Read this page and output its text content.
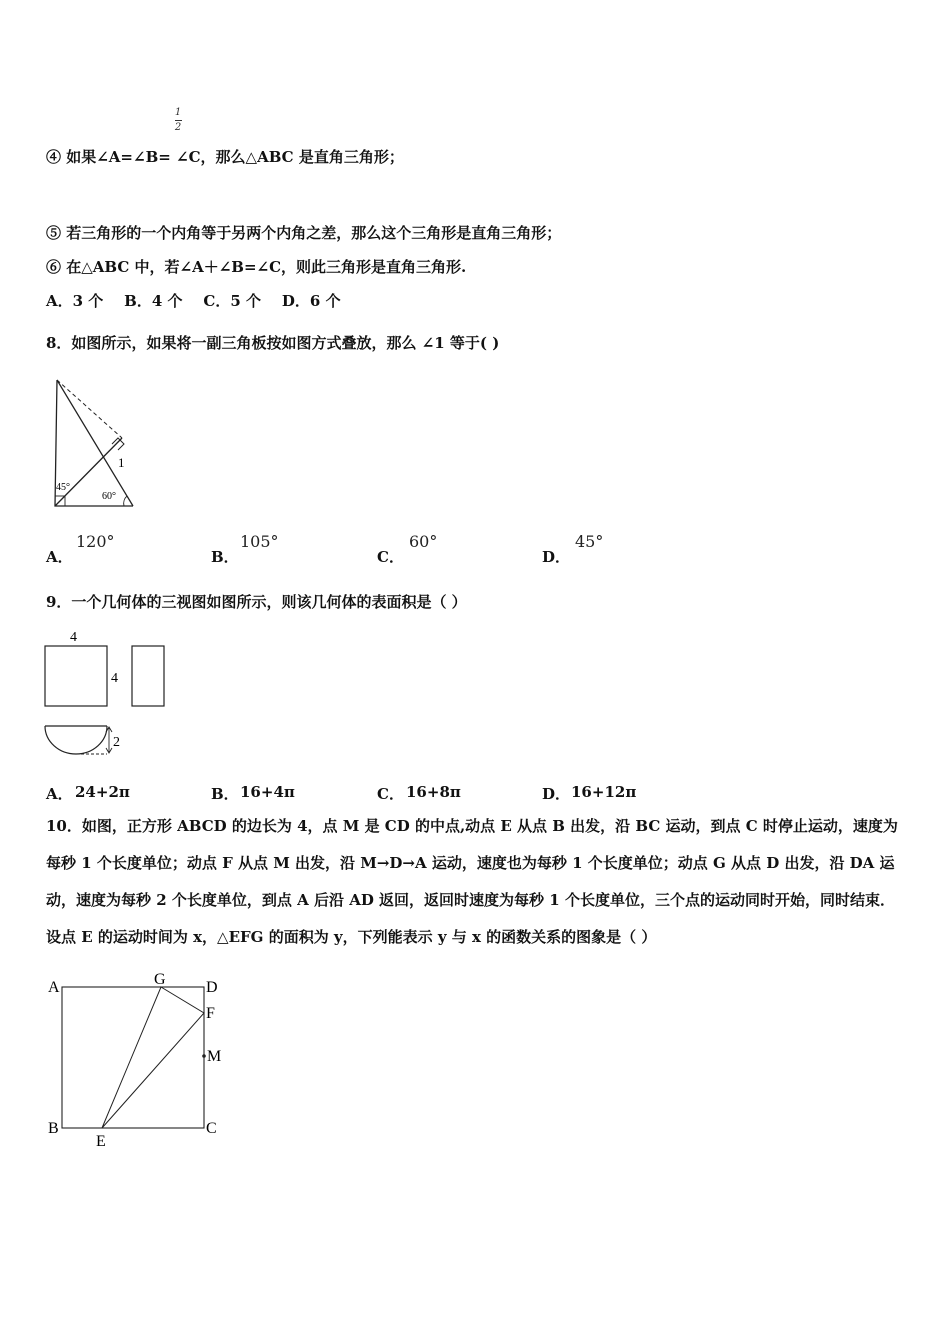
1
2
④ 如果∠A=∠B= ∠C，那么△ABC 是直角三角形；
⑤ 若三角形的一个内角等于另两个内角之差，那么这个三角形是直角三角形；
⑥ 在△ABC 中，若∠A＋∠B=∠C，则此三角形是直角三角形.
A．3 个    B．4 个    C．5 个    D．6 个
8．如图所示，如果将一副三角板按如图方式叠放，那么 ∠1 等于( )
45°
60°
1
A．
120°
B．
105°
C．
60°
D．
45°
9．一个几何体的三视图如图所示，则该几何体的表面积是（ ）
4
4
2
A． 24+2π	B． 16+4π	C． 16+8π	D． 16+12π
10．如图，正方形 ABCD 的边长为 4，点 M 是 CD 的中点,动点 E 从点 B 出发，沿 BC 运动，到点 C 时停止运动，速度为每秒 1 个长度单位；动点 F 从点 M 出发，沿 M→D→A 运动，速度也为每秒 1 个长度单位；动点 G 从点 D 出发，沿 DA 运动，速度为每秒 2 个长度单位，到点 A 后沿 AD 返回，返回时速度为每秒 1 个长度单位，三个点的运动同时开始，同时结束．设点 E 的运动时间为 x，△EFG 的面积为 y，下列能表示 y 与 x 的函数关系的图象是（ ）
A	G	D
F
M
B
E
C
